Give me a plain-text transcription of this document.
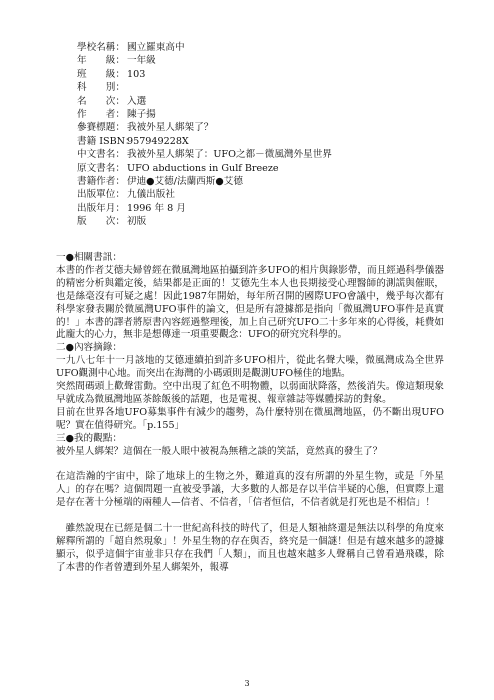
學校名稱： 國立羅東高中
年　　級： 一年級
班　　級： 103
科　　別：
名　　次： 入選
作　　者： 陳子揚
參賽標題： 我被外星人綁架了？
書籍 ISBN：957949228X
中文書名： 我被外星人綁架了：UFO之都－微風灣外星世界
原文書名： UFO abductions in Gulf Breeze
書籍作者： 伊迪●艾德/法蘭西斯●艾德
出版單位： 九儀出版社
出版年月： 1996 年 8 月
版　　次： 初版

一●相關書訊：

本書的作者艾德夫婦曾經在微風灣地區拍攝到許多UFO的相片與錄影帶，而且經過科學儀器的精密分析與鑑定後，結果都是正面的！艾德先生本人也長期接受心理醫師的測謊與催眠，也是絲毫沒有可疑之處！因此1987年開始，每年所召開的國際UFO會議中，幾乎每次都有科學家發表關於微風灣UFO事件的論文，但是所有證據都是指向「微風灣UFO事件是真實的！」本書的譯者將原書內容經過整理後，加上自己研究UFO二十多年來的心得後，耗費如此龐大的心力，無非是想傳達一項重要觀念：UFO的研究究科學的。

二●內容摘錄：

一九八七年十一月該地的艾德連續拍到許多UFO相片，從此名聲大噪，微風灣成為全世界UFO觀測中心地。而突出在海灣的小碼頭則是觀測UFO極佳的地點。

突然間碼頭上歡聲雷動。空中出現了紅色不明物體，以弱面狀降落，然後消失。像這類現象早就成為微風灣地區茶餘飯後的話題，也是電視、報章雜誌等媒體採訪的對象。

目前在世界各地UFO募集事件有減少的趨勢，為什麼特別在微風灣地區，仍不斷出現UFO呢？實在值得研究。「p.155」

三●我的觀點：

被外星人綁架？這個在一般人眼中被視為無稽之談的笑話，竟然真的發生了？

在這浩瀚的宇宙中，除了地球上的生物之外，難道真的沒有所謂的外星生物，或是「外星人」的存在嗎？這個問題一直被受爭議，大多數的人都是存以半信半疑的心態，但實際上還是存在著十分極端的兩種人—信者、不信者，「信者恒信，不信者就是打死也是不相信」！

雖然說現在已經是個二十一世紀高科技的時代了，但是人類袖終還是無法以科學的角度來解釋所謂的「超自然現象」！外星生物的存在與否，終究是一個謎！但是有越來越多的證據顯示，似乎這個宇宙並非只存在我們「人類」，而且也越來越多人聲稱自己曾看過飛碟，除了本書的作者曾遭到外星人綁架外，報導

3
